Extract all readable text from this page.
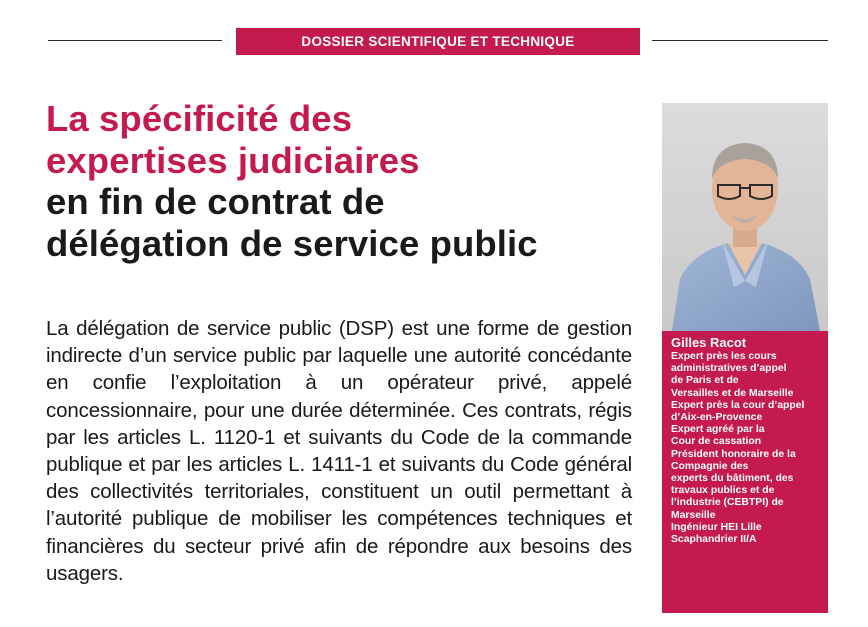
DOSSIER SCIENTIFIQUE ET TECHNIQUE
La spécificité des
expertises judiciaires
en fin de contrat de
délégation de service public

La délégation de service public (DSP) est une forme de gestion indirecte d’un service public par laquelle une autorité concédante en confie l’exploitation à un opérateur privé, appelé concessionnaire, pour une durée déterminée. Ces contrats, régis par les articles L. 1120-1 et suivants du Code de la commande publique et par les articles L. 1411-1 et suivants du Code général des collectivités territoriales, constituent un outil permettant à l’autorité publique de mobiliser les compétences techniques et financières du secteur privé afin de répondre aux besoins des usagers.

Gilles Racot

Expert près les cours

administratives d’appel

de Paris et de

Versailles et de Marseille

Expert près la cour d’appel

d’Aix-en-Provence

Expert agréé par la

Cour de cassation

Président honoraire de la

Compagnie des

experts du bâtiment, des

travaux publics et de

l’industrie (CEBTPI) de

Marseille

Ingénieur HEI Lille

Scaphandrier II/A
